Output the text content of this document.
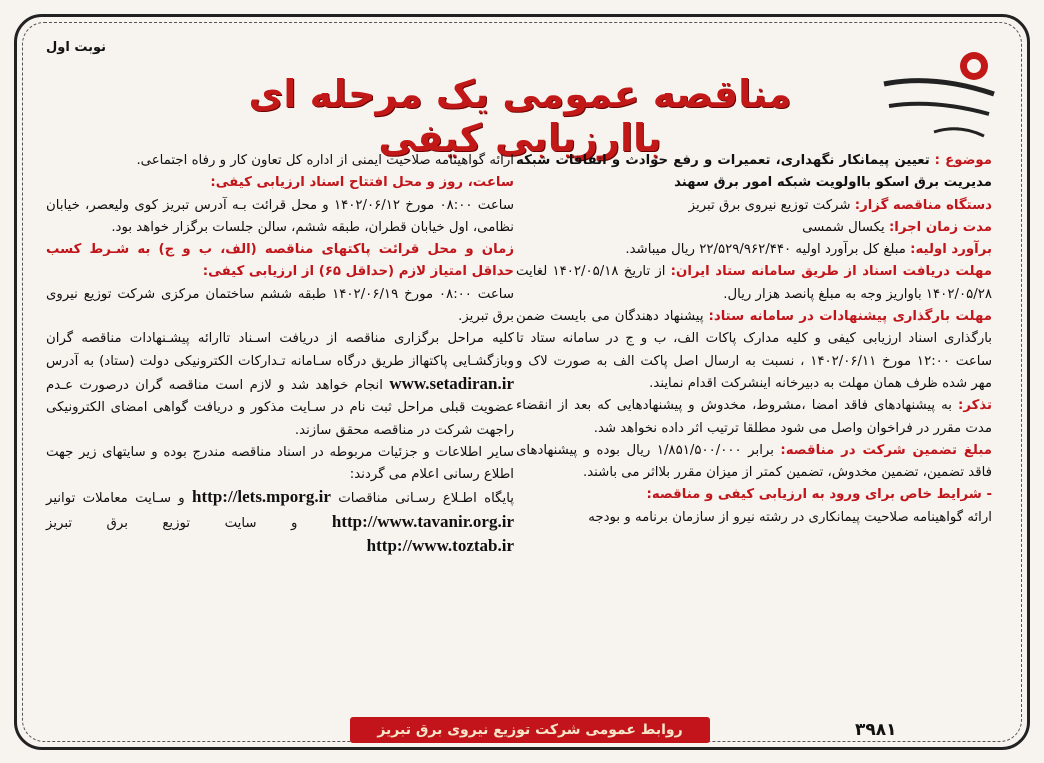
نوبت اول
مناقصه عمومی یک مرحله ای باارزیابی کیفی
موضوع : تعیین پیمانکار نگهداری، تعمیرات و رفع حوادث و اتفاقات شبکه مدیریت برق اسکو بااولویت شبکه امور برق سهند
دستگاه مناقصه گزار: شرکت توزیع نیروی برق تبریز
مدت زمان اجرا: یکسال شمسی
برآورد اولیه: مبلغ کل برآورد اولیه ۲۲/۵۲۹/۹۶۲/۴۴۰ ریال میباشد.
مهلت دریافت اسناد از طریق سامانه ستاد ایران: از تاریخ ۱۴۰۲/۰۵/۱۸ لغایت ۱۴۰۲/۰۵/۲۸ باواریز وجه به مبلغ پانصد هزار ریال.
مهلت بارگذاری پیشنهادات در سامانه ستاد: پیشنهاد دهندگان می بایست ضمن بارگذاری اسناد ارزیابی کیفی و کلیه مدارک پاکات الف، ب و ج در سامانه ستاد تا ساعت ۱۲:۰۰ مورخ ۱۴۰۲/۰۶/۱۱ ، نسبت به ارسال اصل پاکت الف به صورت لاک و مهر شده ظرف همان مهلت به دبیرخانه اینشرکت اقدام نمایند.
تذکر: به پیشنهادهای فاقد امضا ،مشروط، مخدوش و پیشنهادهایی که بعد از انقضاء مدت مقرر در فراخوان واصل می شود مطلقا ترتیب اثر داده نخواهد شد.
مبلغ تضمین شرکت در مناقصه: برابر ۱/۸۵۱/۵۰۰/۰۰۰ ریال بوده و پیشنهادهای فاقد تضمین، تضمین مخدوش، تضمین کمتر از میزان مقرر بلااثر می باشند.
- شرایط خاص برای ورود به ارزیابی کیفی و مناقصه:
ارائه گواهینامه صلاحیت پیمانکاری در رشته نیرو از سازمان برنامه و بودجه
ارائه گواهینامه صلاحیت ایمنی از اداره کل تعاون کار و رفاه اجتماعی.
ساعت، روز و محل افتتاح اسناد ارزیابی کیفی:
ساعت ۰۸:۰۰ مورخ ۱۴۰۲/۰۶/۱۲ و محل قرائت بـه آدرس تبریز کوی ولیعصر، خیابان نظامی، اول خیابان قطران، طبقه ششم، سالن جلسات برگزار خواهد بود.
زمان و محل قرائت پاکتهای مناقصه (الف، ب و ج) به شـرط کسب حداقل امتیاز لازم (حداقل ۶۵) از ارزیابی کیفی:
ساعت ۰۸:۰۰ مورخ ۱۴۰۲/۰۶/۱۹ طبقه ششم ساختمان مرکزی شرکت توزیع نیروی برق تبریز.
کلیه مراحل برگزاری مناقصه از دریافت اسـناد تاارائه پیشـنهادات مناقصه گران وبازگشـایی پاکتهااز طریق درگاه سـامانه تـدارکات الکترونیکی دولت (ستاد) به آدرس www.setadiran.ir انجام خواهد شد و لازم است مناقصه گران درصورت عـدم عضویت قبلی مراحل ثبت نام در سـایت مذکور و دریافت گواهی امضای الکترونیکی راجهت شرکت در مناقصه محقق سازند.
سایر اطلاعات و جزئیات مربوطه در اسناد مناقصه مندرج بوده و سایتهای زیر جهت اطلاع رسانی اعلام می گردند:
پایگاه اطـلاع رسـانی مناقصات http://lets.mporg.ir و سـایت معاملات توانیر http://www.tavanir.org.ir و سایت توزیع برق تبریز http://www.toztab.ir
روابط عمومی شرکت توزیع نیروی برق تبریز	۳۹۸۱
